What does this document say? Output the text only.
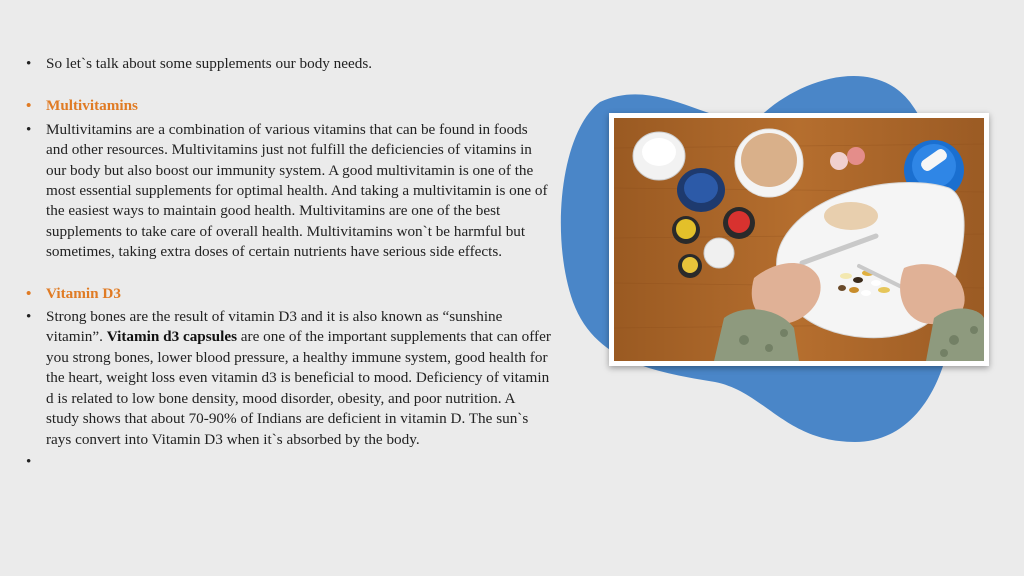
• So let`s talk about some supplements our body needs.
• Multivitamins
• Multivitamins are a combination of various vitamins that can be found in foods and other resources. Multivitamins just not fulfill the deficiencies of vitamins in our body but also boost our immunity system. A good multivitamin is one of the most essential supplements for optimal health. And taking a multivitamin is one of the easiest ways to maintain good health. Multivitamins are one of the best supplements to take care of overall health. Multivitamins won`t be harmful but sometimes, taking extra doses of certain nutrients have serious side effects.
• Vitamin D3
• Strong bones are the result of vitamin D3 and it is also known as “sunshine vitamin”. Vitamin d3 capsules are one of the important supplements that can offer you strong bones, lower blood pressure, a healthy immune system, good health for the heart, weight loss even vitamin d3 is beneficial to mood. Deficiency of vitamin d is related to low bone density, mood disorder, obesity, and poor nutrition. A study shows that about 70-90% of Indians are deficient in vitamin D. The sun`s rays convert into Vitamin D3 when it`s absorbed by the body.
•
